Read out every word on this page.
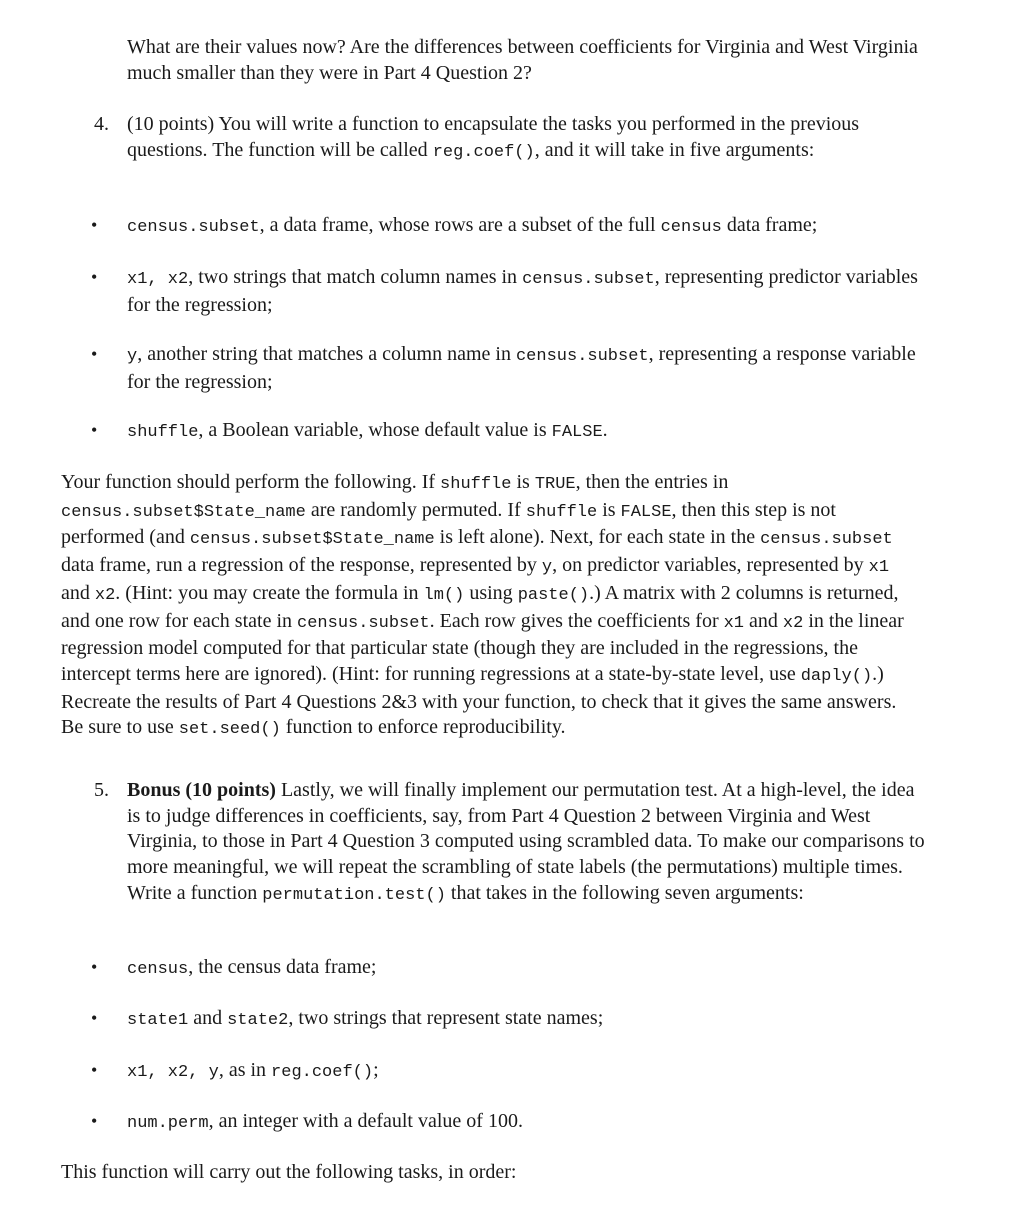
What are their values now? Are the differences between coefficients for Virginia and West Virginia much smaller than they were in Part 4 Question 2?

4. (10 points) You will write a function to encapsulate the tasks you performed in the previous questions. The function will be called reg.coef(), and it will take in five arguments:

• census.subset, a data frame, whose rows are a subset of the full census data frame;

• x1, x2, two strings that match column names in census.subset, representing predictor variables for the regression;

• y, another string that matches a column name in census.subset, representing a response variable for the regression;

• shuffle, a Boolean variable, whose default value is FALSE.

Your function should perform the following. If shuffle is TRUE, then the entries in census.subset$State_name are randomly permuted. If shuffle is FALSE, then this step is not performed (and census.subset$State_name is left alone). Next, for each state in the census.subset data frame, run a regression of the response, represented by y, on predictor variables, represented by x1 and x2. (Hint: you may create the formula in lm() using paste().) A matrix with 2 columns is returned, and one row for each state in census.subset. Each row gives the coefficients for x1 and x2 in the linear regression model computed for that particular state (though they are included in the regressions, the intercept terms here are ignored). (Hint: for running regressions at a state-by-state level, use daply().) Recreate the results of Part 4 Questions 2&3 with your function, to check that it gives the same answers. Be sure to use set.seed() function to enforce reproducibility.

5. Bonus (10 points) Lastly, we will finally implement our permutation test. At a high-level, the idea is to judge differences in coefficients, say, from Part 4 Question 2 between Virginia and West Virginia, to those in Part 4 Question 3 computed using scrambled data. To make our comparisons to more meaningful, we will repeat the scrambling of state labels (the permutations) multiple times. Write a function permutation.test() that takes in the following seven arguments:

• census, the census data frame;

• state1 and state2, two strings that represent state names;

• x1, x2, y, as in reg.coef();

• num.perm, an integer with a default value of 100.

This function will carry out the following tasks, in order:
